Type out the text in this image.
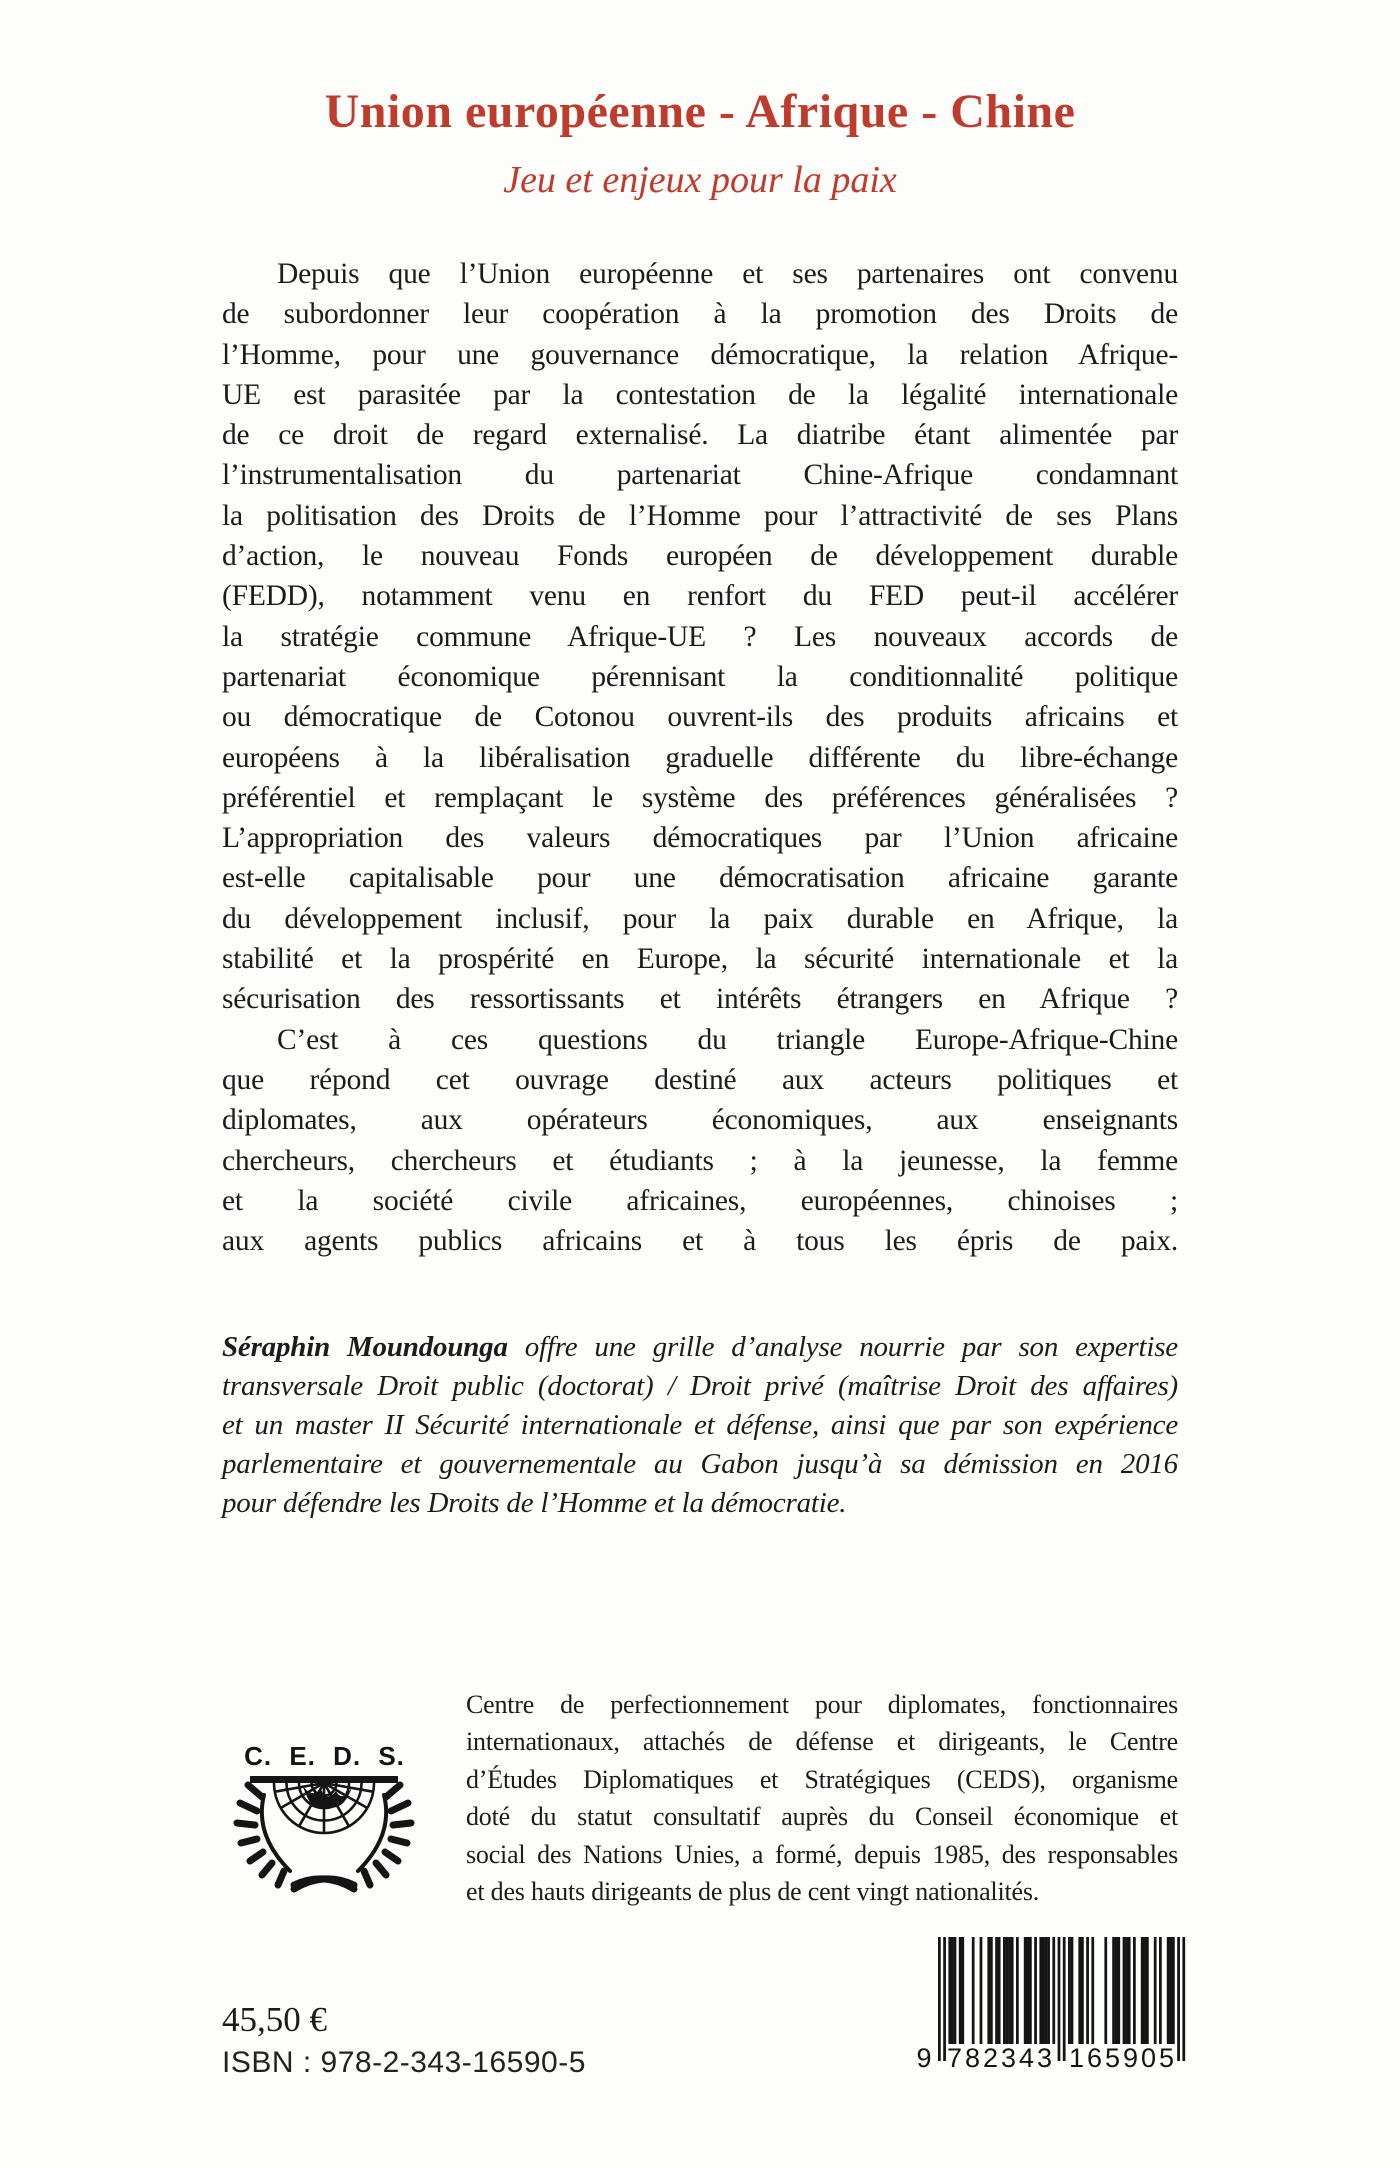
Union européenne - Afrique - Chine
Jeu et enjeux pour la paix
Depuis que l’Union européenne et ses partenaires ont convenu
de subordonner leur coopération à la promotion des Droits de
l’Homme, pour une gouvernance démocratique, la relation Afrique-
UE est parasitée par la contestation de la légalité internationale
de ce droit de regard externalisé. La diatribe étant alimentée par
l’instrumentalisation du partenariat Chine-Afrique condamnant
la politisation des Droits de l’Homme pour l’attractivité de ses Plans
d’action, le nouveau Fonds européen de développement durable
(FEDD), notamment venu en renfort du FED peut-il accélérer
la stratégie commune Afrique-UE ? Les nouveaux accords de
partenariat économique pérennisant la conditionnalité politique
ou démocratique de Cotonou ouvrent-ils des produits africains et
européens à la libéralisation graduelle différente du libre-échange
préférentiel et remplaçant le système des préférences généralisées ?
L’appropriation des valeurs démocratiques par l’Union africaine
est-elle capitalisable pour une démocratisation africaine garante
du développement inclusif, pour la paix durable en Afrique, la
stabilité et la prospérité en Europe, la sécurité internationale et la
sécurisation des ressortissants et intérêts étrangers en Afrique ?
C’est à ces questions du triangle Europe-Afrique-Chine
que répond cet ouvrage destiné aux acteurs politiques et
diplomates, aux opérateurs économiques, aux enseignants
chercheurs, chercheurs et étudiants ; à la jeunesse, la femme
et la société civile africaines, européennes, chinoises ;
aux agents publics africains et à tous les épris de paix.
Séraphin Moundounga offre une grille d’analyse nourrie par son expertise
transversale Droit public (doctorat) / Droit privé (maîtrise Droit des affaires)
et un master II Sécurité internationale et défense, ainsi que par son expérience
parlementaire et gouvernementale au Gabon jusqu’à sa démission en 2016
pour défendre les Droits de l’Homme et la démocratie.
C. E. D. S.
Centre de perfectionnement pour diplomates, fonctionnaires
internationaux, attachés de défense et dirigeants, le Centre
d’Études Diplomatiques et Stratégiques (CEDS), organisme
doté du statut consultatif auprès du Conseil économique et
social des Nations Unies, a formé, depuis 1985, des responsables
et des hauts dirigeants de plus de cent vingt nationalités.
45,50 €
ISBN : 978-2-343-16590-5	9 782343 165905
